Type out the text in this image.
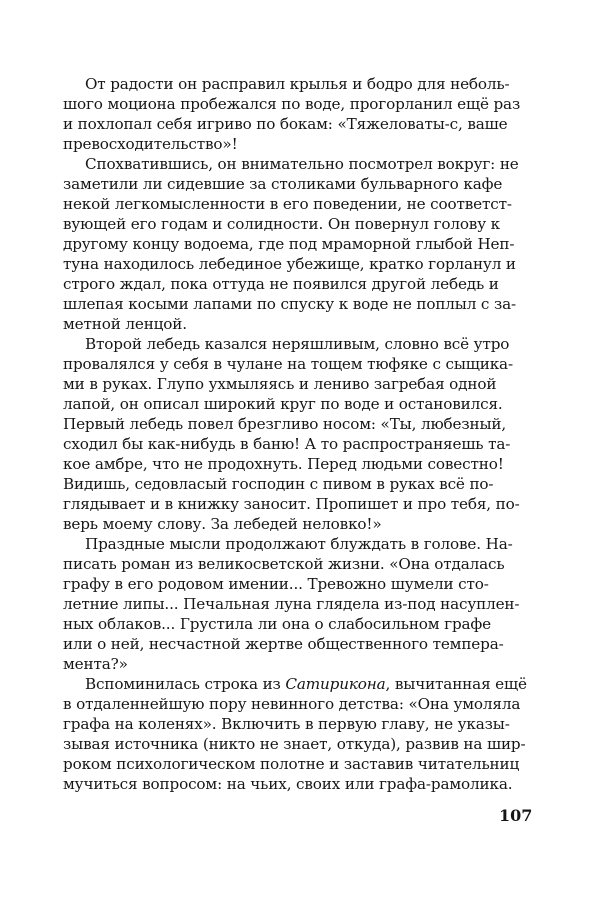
От радости он расправил крылья и бодро для неболь-
шого моциона пробежался по воде, прогорланил ещё раз
и похлопал себя игриво по бокам: «Тяжеловаты-с, ваше
превосходительство»!
Спохватившись, он внимательно посмотрел вокруг: не
заметили ли сидевшие за столиками бульварного кафе
некой легкомысленности в его поведении, не соответст-
вующей его годам и солидности. Он повернул голову к
другому концу водоема, где под мраморной глыбой Неп-
туна находилось лебединое убежище, кратко горланул и
строго ждал, пока оттуда не появился другой лебедь и
шлепая косыми лапами по спуску к воде не поплыл с за-
метной ленцой.
Второй лебедь казался неряшливым, словно всё утро
провалялся у себя в чулане на тощем тюфяке с сыщика-
ми в руках. Глупо ухмыляясь и лениво загребая одной
лапой, он описал широкий круг по воде и остановился.
Первый лебедь повел брезгливо носом: «Ты, любезный,
сходил бы как-нибудь в баню! А то распространяешь та-
кое амбре, что не продохнуть. Перед людьми совестно!
Видишь, седовласый господин с пивом в руках всё по-
глядывает и в книжку заносит. Пропишет и про тебя, по-
верь моему слову. За лебедей неловко!»
Праздные мысли продолжают блуждать в голове. На-
писать роман из великосветской жизни. «Она отдалась
графу в его родовом имении... Тревожно шумели сто-
летние липы... Печальная луна глядела из-под насуплен-
ных облаков... Грустила ли она о слабосильном графе
или о ней, несчастной жертве общественного темпера-
мента?»
Вспоминилась строка из Сатирикона, вычитанная ещё
в отдаленнейшую пору невинного детства: «Она умоляла
графа на коленях». Включить в первую главу, не указы-
зывая источника (никто не знает, откуда), развив на шир-
роком психологическом полотне и заставив читательниц
мучиться вопросом: на чьих, своих или графа-рамолика.
107
